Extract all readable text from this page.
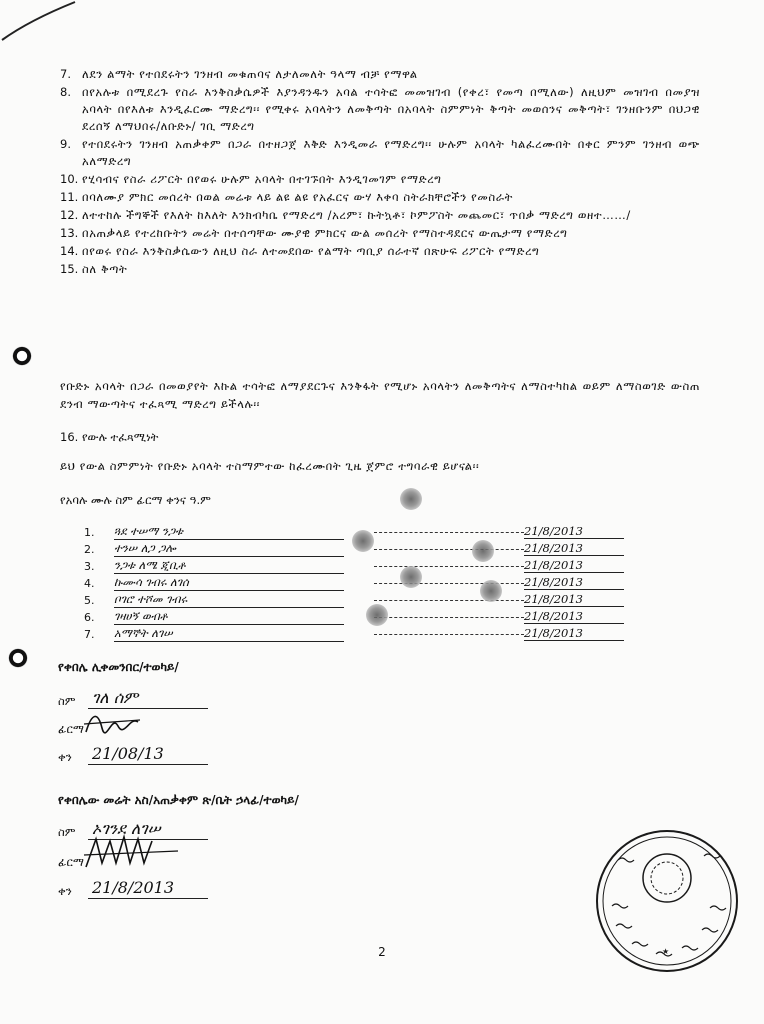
7. ለደን ልማት የተበደሩትን ገንዘብ መቁጠባና ለታለመለት ዓላማ ብቻ የማዋል
8. በየአሉቱ በሚደረጉ የስራ እንቅስቃሴዎች እያንዳንዱን አባል ተሳትፎ መመዝገብ (የቀረ፣ የመጣ በሚለው) ለዚህም መዝገብ በመያዝ አባላት በየእለቱ እንዲፈርሙ ማድረግ፡፡ የሚቀሩ አባላትን ለመቅጣት በአባላት ስምምነት ቅጣት መወሰንና መቅጣት፣ ገንዘቡንም በህጋዊ ደረሰኝ ለማህበሩ/ለቡድኑ/ ገቢ ማድረግ
9. የተበደሩትን ገንዘብ አጠቃቀም በጋራ በተዘጋጀ እቅድ እንዲመራ የማድረግ፡፡ ሁሉም አባላት ካልፈረሙበት በቀር ምንም ገንዘብ ወጭ አለማድረግ
10. የሂሳብና የስራ ሪፖርት በየወሩ ሁሉም አባላት በተገኙበት እንዲገመገም የማድረግ
11. በባለሙያ ምክር መሰረት በወል መሬቱ ላይ ልዩ ልዩ የአፈርና ውሃ እቀባ ስትራክቸሮችን የመስራት
12. ለተተከሉ ችግኞች የእለት ከእለት እንክብካቤ የማድረግ /አረም፣ ኩትኳቶ፣ ኮምፖስት መጨመር፣ ጥበቃ ማድረግ ወዘተ……/
13. በአጠቃላይ የተረከቡትን መሬት በተሰጣቸው ሙያዊ ምክርና ውል መሰረት የማስተዳደርና ውጤታማ የማድረግ
14. በየወሩ የስራ እንቅስቃሴውን ለዚህ ስራ ለተመደበው የልማት ጣቢያ ሰራተኛ በጽሁፍ ሪፖርት የማድረግ
15. ስለ ቅጣት

የቡድኑ አባላት በጋራ በመወያየት እኩል ተሳትፎ ለማያደርጉና እንቅፋት የሚሆኑ አባላትን ለመቅጣትና ለማስተካከል ወይም ለማስወገድ ውስጠ ደንብ ማውጣትና ተፈጻሚ ማድረግ ይችላሉ፡፡

16. የውሉ ተፈጻሚነት

ይህ የውል ስምምነት የቡድኑ አባላት ተስማምተው ከፈረሙበት ጊዜ ጀምሮ ተግባራዊ ይሆናል፡፡

የአባሉ ሙሉ ስም ፊርማ ቀንና ዓ.ም
1.	ጓደ ተሠማ ንጋቱ	21/8/2013
2.	ተንሠ ለጋ ጋሎ	21/8/2013
3.	ንጋቱ ለሜ ጂቢቶ	21/8/2013
4.	ኩሙሳ ገብሩ ለገሰ	21/8/2013
5.	ቦገሮ ተሾመ ገብሩ	21/8/2013
6.	ገዛሀኝ ወብቶ	21/8/2013
7.	አማኞት ለገሠ	21/8/2013
የቀበሌ ሊቀመንበር/ተወካይ/
ስም ገለ ሰም
ፊርማ
ቀን 21/08/13
የቀበሌው መሬት አስ/አጠቃቀም ጽ/ቤት ኃላፊ/ተወካይ/
ስም ኦገንደ ለገሠ
ፊርማ
ቀን 21/8/2013
★
2
